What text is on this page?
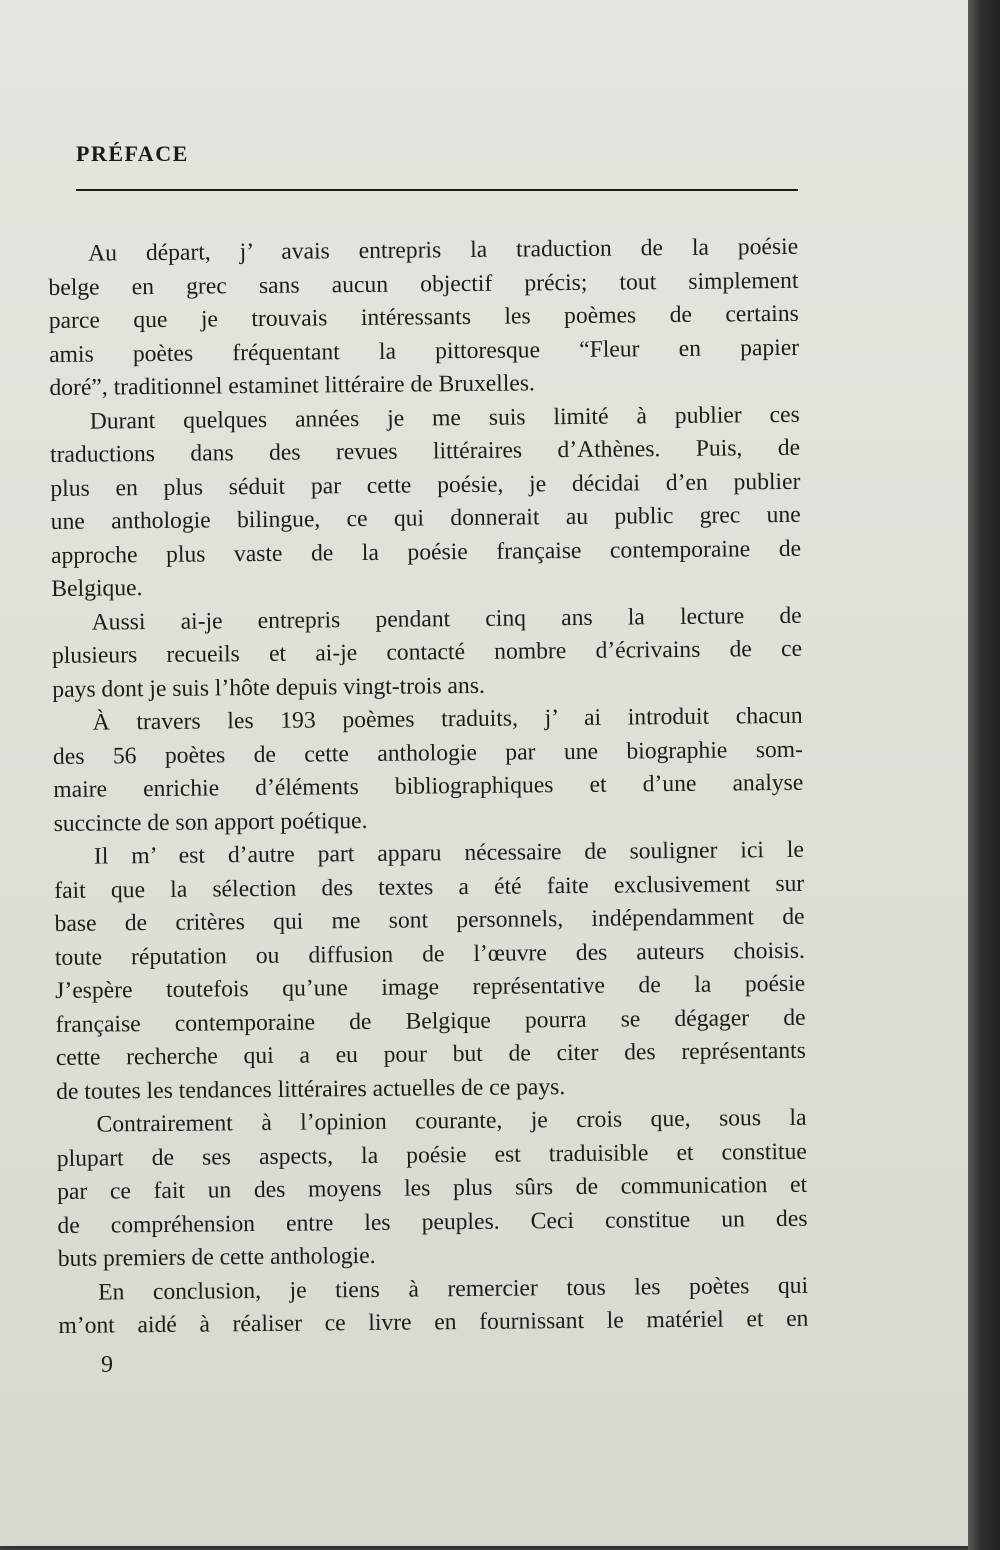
PRÉFACE
Au départ, j’ avais entrepris la traduction de la poésie
belge en grec sans aucun objectif précis; tout simplement
parce que je trouvais intéressants les poèmes de certains
amis poètes fréquentant la pittoresque “Fleur en papier
doré”, traditionnel estaminet littéraire de Bruxelles.
Durant quelques années je me suis limité à publier ces
traductions dans des revues littéraires d’Athènes. Puis, de
plus en plus séduit par cette poésie, je décidai d’en publier
une anthologie bilingue, ce qui donnerait au public grec une
approche plus vaste de la poésie française contemporaine de
Belgique.
Aussi ai-je entrepris pendant cinq ans la lecture de
plusieurs recueils et ai-je contacté nombre d’écrivains de ce
pays dont je suis l’hôte depuis vingt-trois ans.
À travers les 193 poèmes traduits, j’ ai introduit chacun
des 56 poètes de cette anthologie par une biographie som-
maire enrichie d’éléments bibliographiques et d’une analyse
succincte de son apport poétique.
Il m’ est d’autre part apparu nécessaire de souligner ici le
fait que la sélection des textes a été faite exclusivement sur
base de critères qui me sont personnels, indépendamment de
toute réputation ou diffusion de l’œuvre des auteurs choisis.
J’espère toutefois qu’une image représentative de la poésie
française contemporaine de Belgique pourra se dégager de
cette recherche qui a eu pour but de citer des représentants
de toutes les tendances littéraires actuelles de ce pays.
Contrairement à l’opinion courante, je crois que, sous la
plupart de ses aspects, la poésie est traduisible et constitue
par ce fait un des moyens les plus sûrs de communication et
de compréhension entre les peuples. Ceci constitue un des
buts premiers de cette anthologie.
En conclusion, je tiens à remercier tous les poètes qui
m’ont aidé à réaliser ce livre en fournissant le matériel et en
9
